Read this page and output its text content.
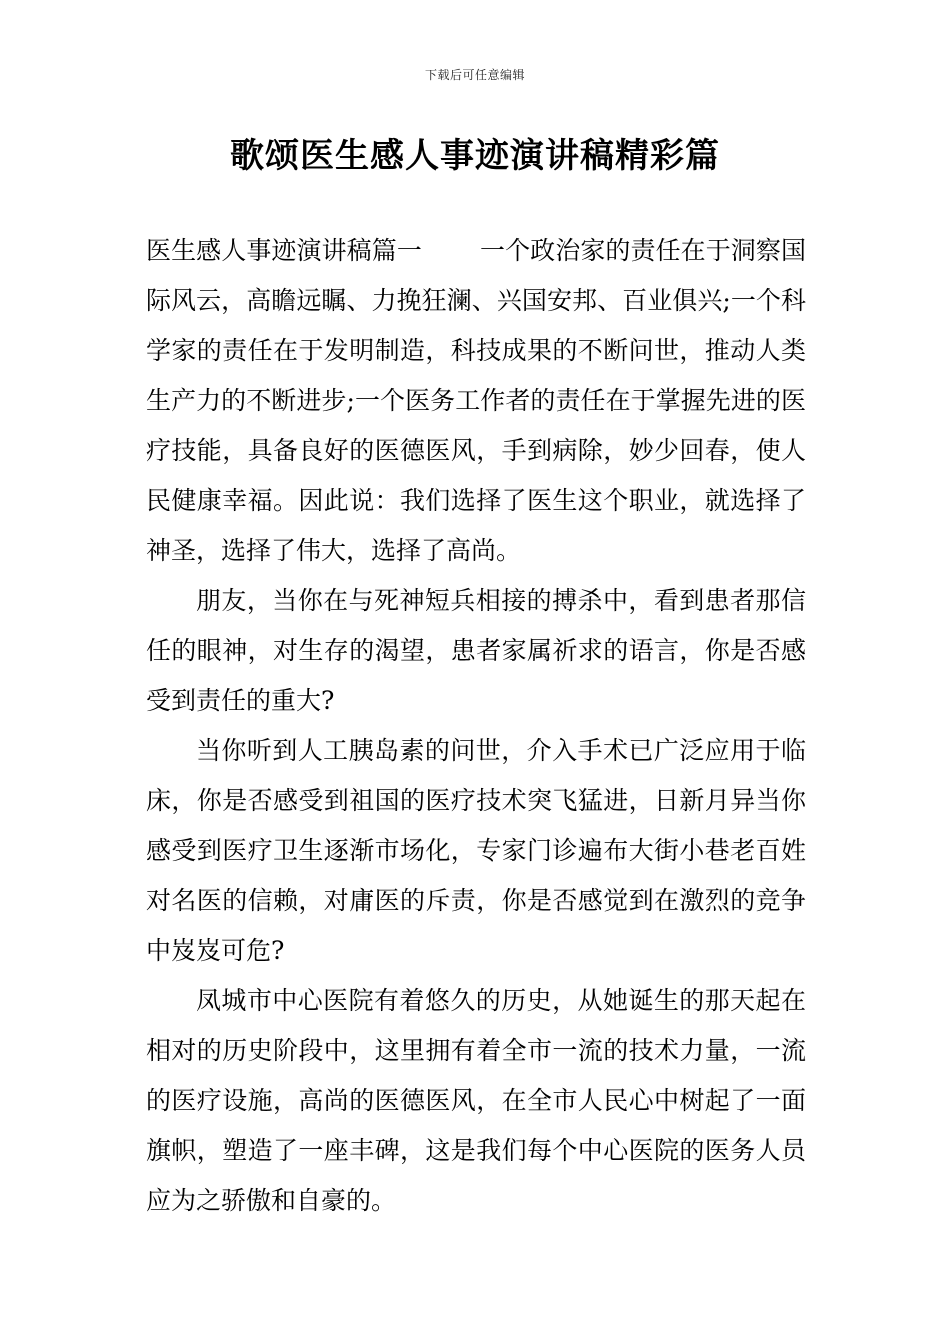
下载后可任意编辑
歌颂医生感人事迹演讲稿精彩篇

医生感人事迹演讲稿篇一 一个政治家的责任在于洞察国际风云，高瞻远瞩、力挽狂澜、兴国安邦、百业俱兴;一个科学家的责任在于发明制造，科技成果的不断问世，推动人类生产力的不断进步;一个医务工作者的责任在于掌握先进的医疗技能，具备良好的医德医风，手到病除，妙少回春，使人民健康幸福。因此说：我们选择了医生这个职业，就选择了神圣，选择了伟大，选择了高尚。

朋友，当你在与死神短兵相接的搏杀中，看到患者那信任的眼神，对生存的渴望，患者家属祈求的语言，你是否感受到责任的重大?

当你听到人工胰岛素的问世，介入手术已广泛应用于临床，你是否感受到祖国的医疗技术突飞猛进，日新月异当你感受到医疗卫生逐渐市场化，专家门诊遍布大街小巷老百姓对名医的信赖，对庸医的斥责，你是否感觉到在激烈的竞争中岌岌可危?

凤城市中心医院有着悠久的历史，从她诞生的那天起在相对的历史阶段中，这里拥有着全市一流的技术力量，一流的医疗设施，高尚的医德医风，在全市人民心中树起了一面旗帜，塑造了一座丰碑，这是我们每个中心医院的医务人员应为之骄傲和自豪的。
